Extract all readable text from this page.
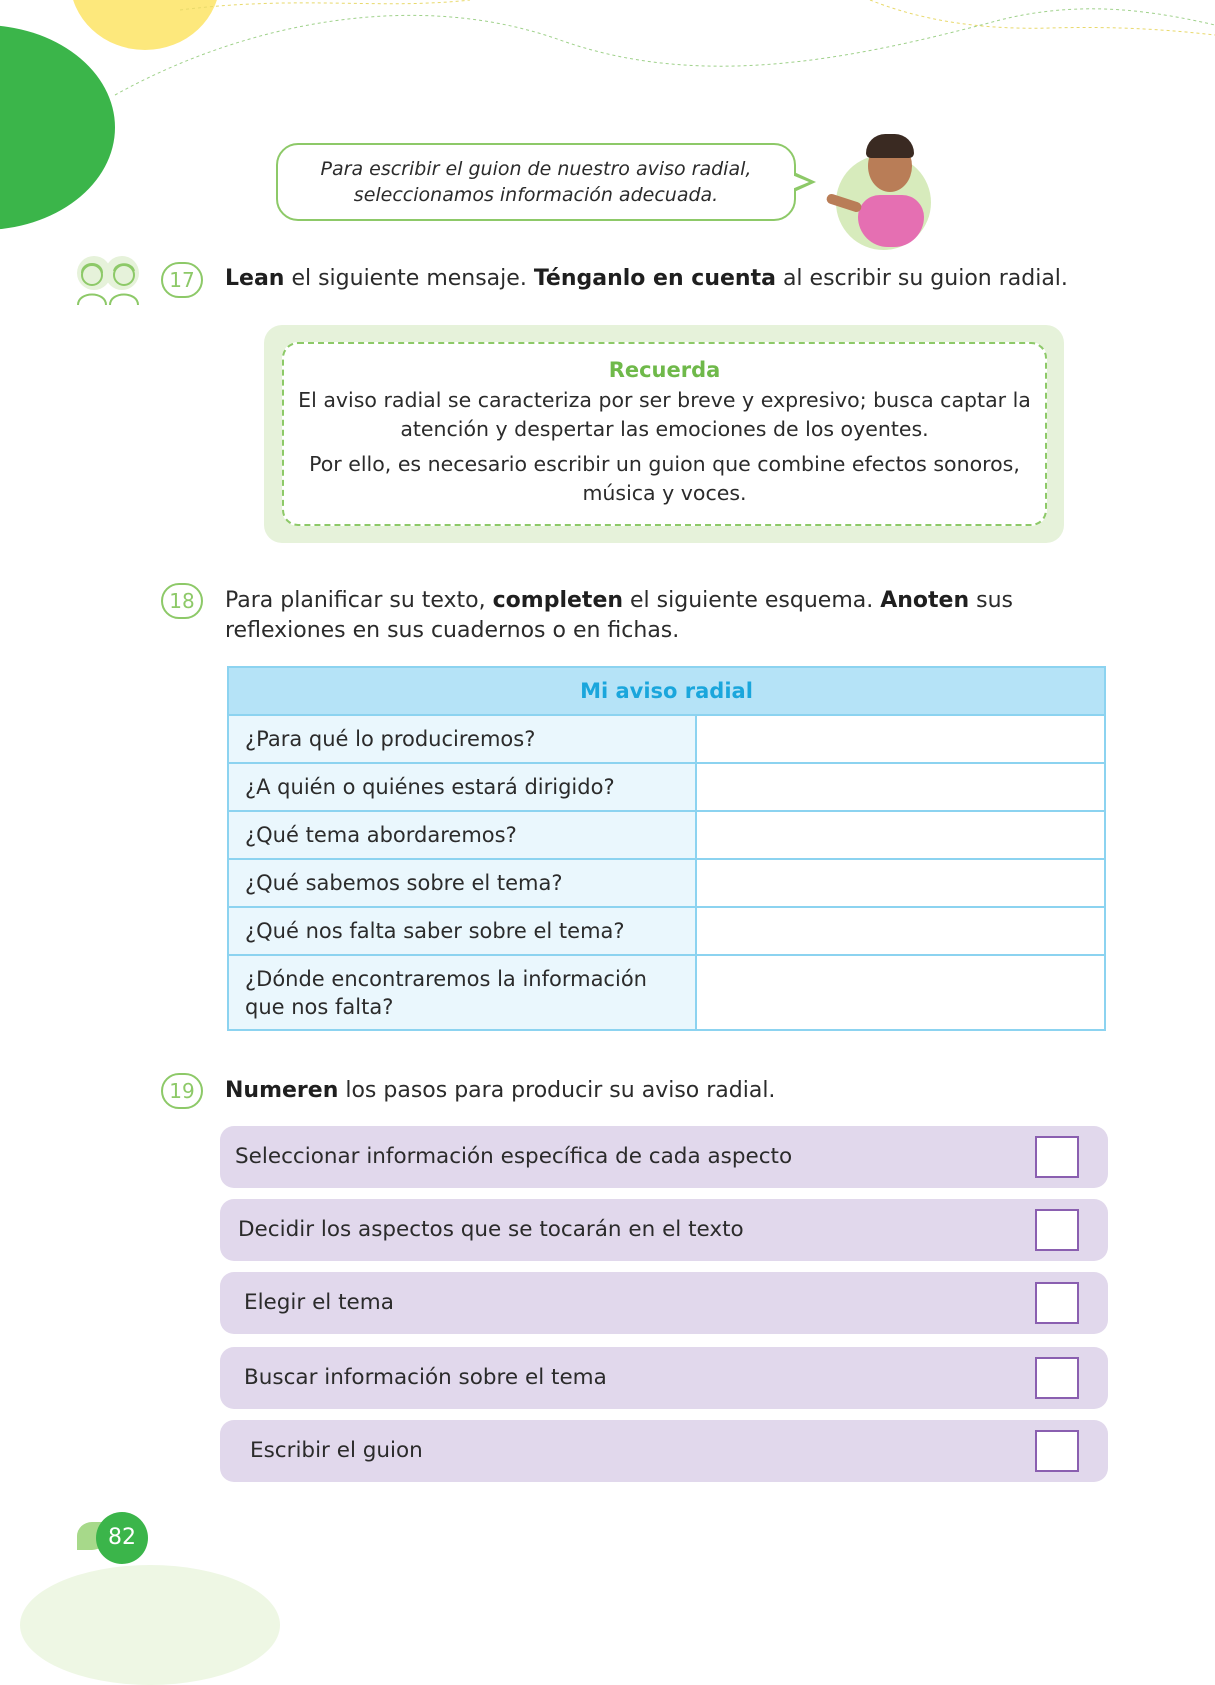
Para escribir el guion de nuestro aviso radial,
seleccionamos información adecuada.
17	Lean el siguiente mensaje. Ténganlo en cuenta al escribir su guion radial.
Recuerda
El aviso radial se caracteriza por ser breve y expresivo; busca captar la atención y despertar las emociones de los oyentes.
Por ello, es necesario escribir un guion que combine efectos sonoros, música y voces.
18	Para planificar su texto, completen el siguiente esquema. Anoten sus reflexiones en sus cuadernos o en fichas.
Mi aviso radial
¿Para qué lo produciremos?
¿A quién o quiénes estará dirigido?
¿Qué tema abordaremos?
¿Qué sabemos sobre el tema?
¿Qué nos falta saber sobre el tema?
¿Dónde encontraremos la información que nos falta?
19	Numeren los pasos para producir su aviso radial.
Seleccionar información específica de cada aspecto
Decidir los aspectos que se tocarán en el texto
Elegir el tema
Buscar información sobre el tema
Escribir el guion
82
